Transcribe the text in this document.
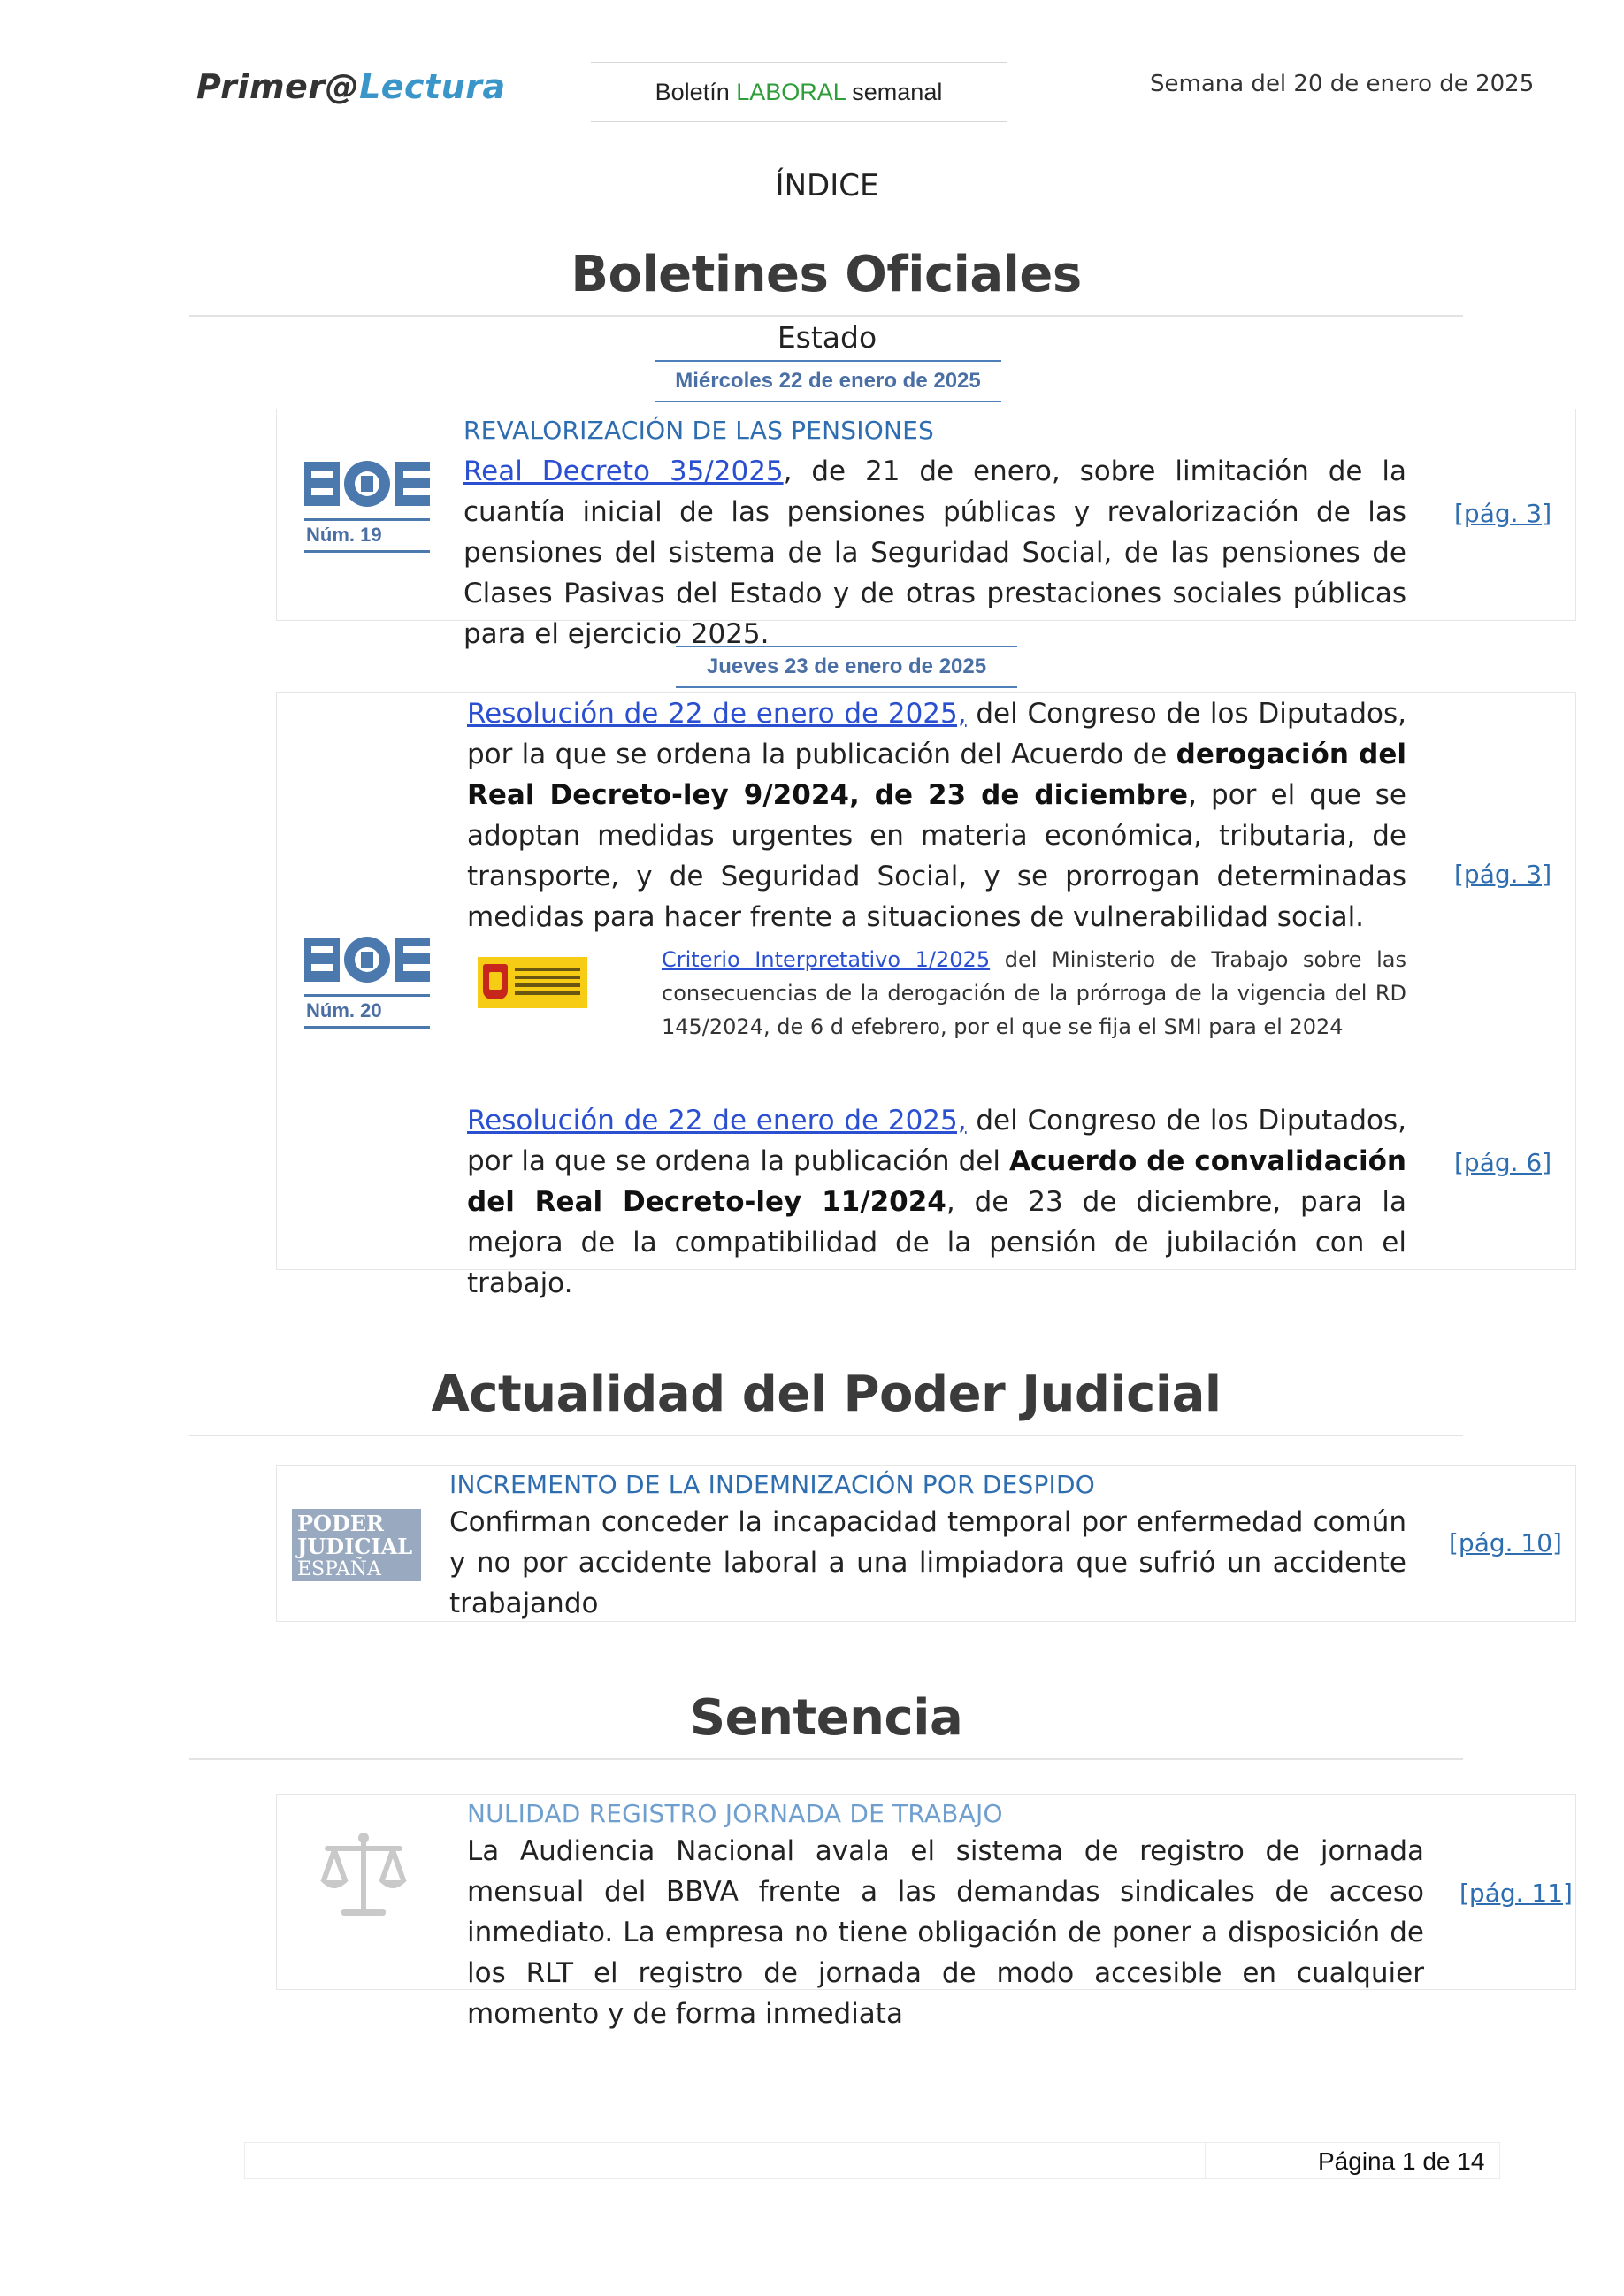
Primer@Lectura	Boletín LABORAL semanal	Semana del 20 de enero de 2025
ÍNDICE
Boletines Oficiales
Estado
Miércoles 22 de enero de 2025
Núm. 19
REVALORIZACIÓN DE LAS PENSIONES
Real Decreto 35/2025, de 21 de enero, sobre limitación de la cuantía inicial de las pensiones públicas y revalorización de las pensiones del sistema de la Seguridad Social, de las pensiones de Clases Pasivas del Estado y de otras prestaciones sociales públicas para el ejercicio 2025.
[pág. 3]
Jueves 23 de enero de 2025
Núm. 20
Resolución de 22 de enero de 2025, del Congreso de los Diputados, por la que se ordena la publicación del Acuerdo de derogación del Real Decreto-ley 9/2024, de 23 de diciembre, por el que se adoptan medidas urgentes en materia económica, tributaria, de transporte, y de Seguridad Social, y se prorrogan determinadas medidas para hacer frente a situaciones de vulnerabilidad social.
[pág. 3]
Criterio Interpretativo 1/2025 del Ministerio de Trabajo sobre las consecuencias de la derogación de la prórroga de la vigencia del RD 145/2024, de 6 d efebrero, por el que se fija el SMI para el 2024
Resolución de 22 de enero de 2025, del Congreso de los Diputados, por la que se ordena la publicación del Acuerdo de convalidación del Real Decreto-ley 11/2024, de 23 de diciembre, para la mejora de la compatibilidad de la pensión de jubilación con el trabajo.
[pág. 6]
Actualidad del Poder Judicial
PODER
JUDICIAL
ESPAÑA
INCREMENTO DE LA INDEMNIZACIÓN POR DESPIDO
Confirman conceder la incapacidad temporal por enfermedad común y no por accidente laboral a una limpiadora que sufrió un accidente trabajando
[pág. 10]
Sentencia
NULIDAD REGISTRO JORNADA DE TRABAJO
La Audiencia Nacional avala el sistema de registro de jornada mensual del BBVA frente a las demandas sindicales de acceso inmediato. La empresa no tiene obligación de poner a disposición de los RLT el registro de jornada de modo accesible en cualquier momento y de forma inmediata
[pág. 11]
Página 1 de 14
